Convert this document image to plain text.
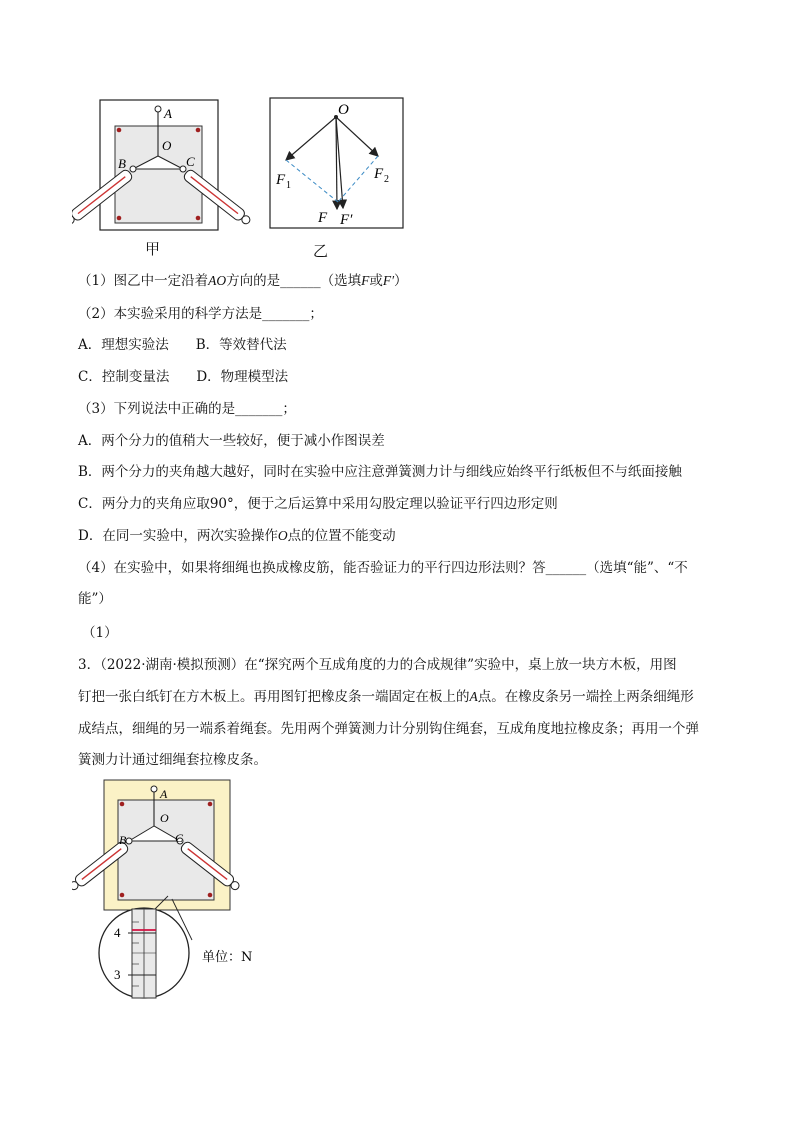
A
O
B	C
甲
O
F 1
F 2
F F′
乙
（1）图乙中一定沿着AO方向的是______（选填F或F′）
（2）本实验采用的科学方法是_______；
A．理想实验法　　B．等效替代法
C．控制变量法　　D．物理模型法
（3）下列说法中正确的是_______；
A．两个分力的值稍大一些较好，便于减小作图误差
B．两个分力的夹角越大越好，同时在实验中应注意弹簧测力计与细线应始终平行纸板但不与纸面接触
C．两分力的夹角应取90°，便于之后运算中采用勾股定理以验证平行四边形定则
D．在同一实验中，两次实验操作O点的位置不能变动
（4）在实验中，如果将细绳也换成橡皮筋，能否验证力的平行四边形法则？答______（选填“能”、“不
能”）
（1）
3．（2022·湖南·模拟预测）在“探究两个互成角度的力的合成规律”实验中，桌上放一块方木板，用图
钉把一张白纸钉在方木板上。再用图钉把橡皮条一端固定在板上的A点。在橡皮条另一端拴上两条细绳形
成结点，细绳的另一端系着绳套。先用两个弹簧测力计分别钩住绳套，互成角度地拉橡皮条；再用一个弹
簧测力计通过细绳套拉橡皮条。
A
O
B	C
4
3
单位：N
